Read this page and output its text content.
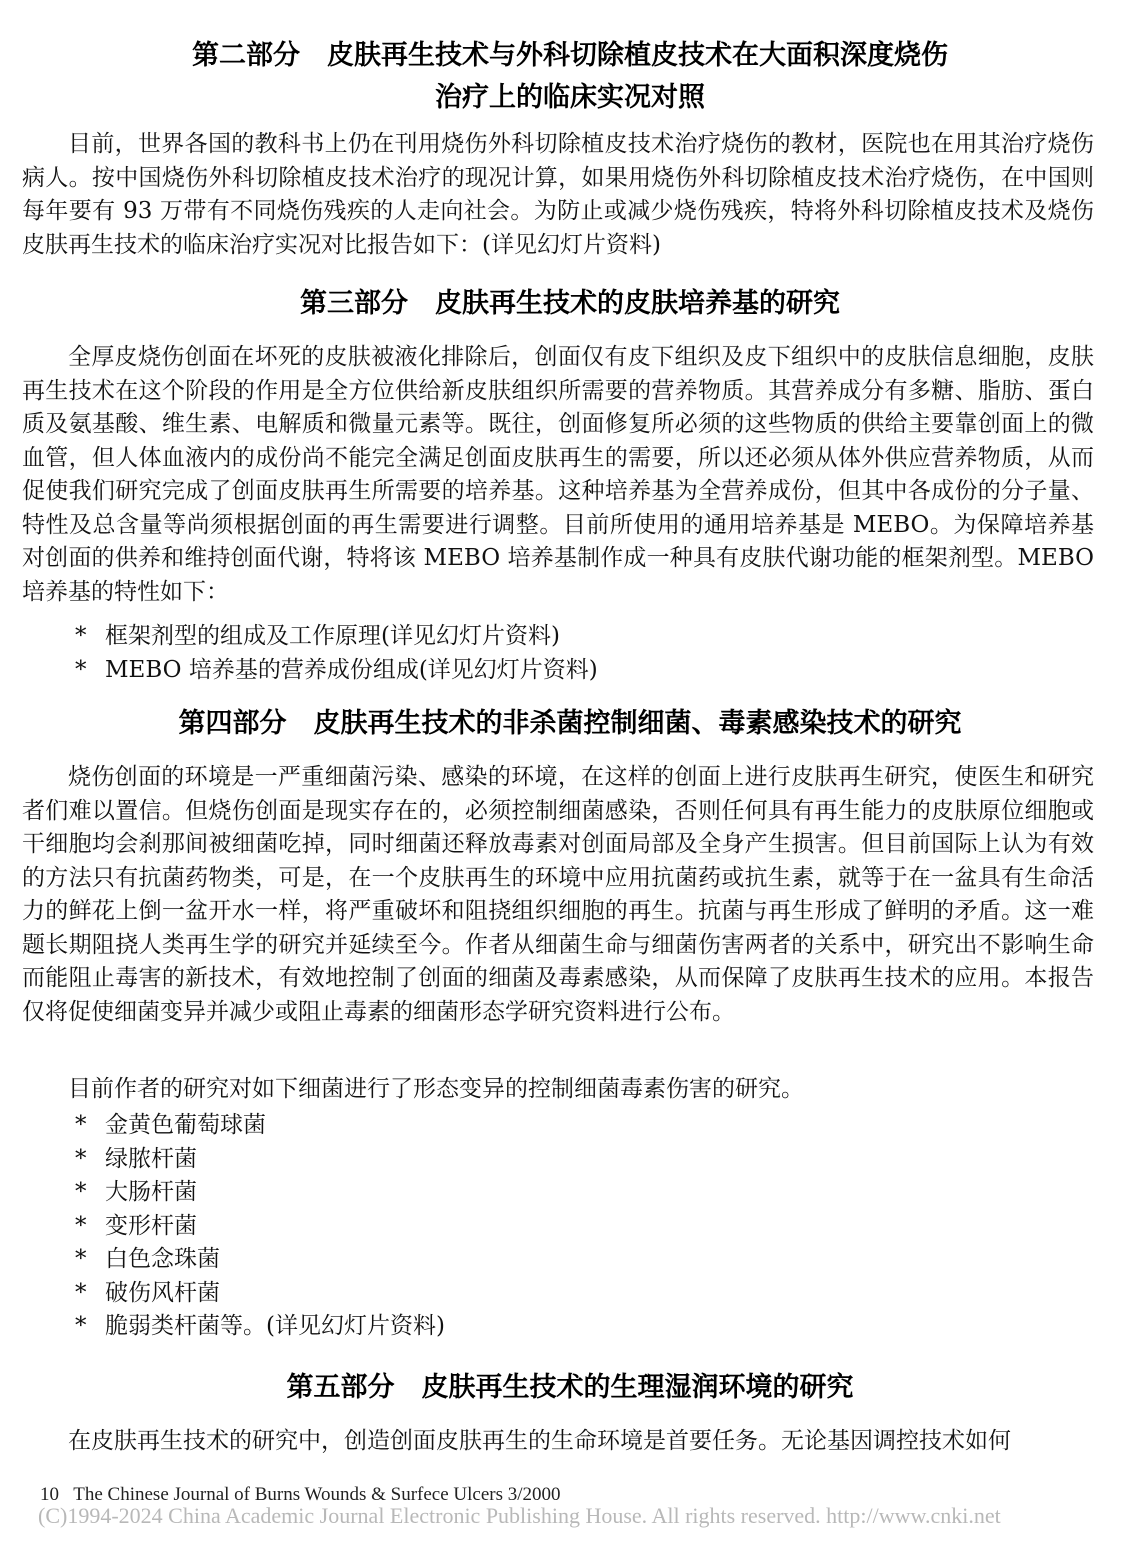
第二部分　皮肤再生技术与外科切除植皮技术在大面积深度烧伤
治疗上的临床实况对照

目前，世界各国的教科书上仍在刊用烧伤外科切除植皮技术治疗烧伤的教材，医院也在用其治疗烧伤病人。按中国烧伤外科切除植皮技术治疗的现况计算，如果用烧伤外科切除植皮技术治疗烧伤，在中国则每年要有 93 万带有不同烧伤残疾的人走向社会。为防止或减少烧伤残疾，特将外科切除植皮技术及烧伤皮肤再生技术的临床治疗实况对比报告如下：(详见幻灯片资料)

第三部分　皮肤再生技术的皮肤培养基的研究

全厚皮烧伤创面在坏死的皮肤被液化排除后，创面仅有皮下组织及皮下组织中的皮肤信息细胞，皮肤再生技术在这个阶段的作用是全方位供给新皮肤组织所需要的营养物质。其营养成分有多糖、脂肪、蛋白质及氨基酸、维生素、电解质和微量元素等。既往，创面修复所必须的这些物质的供给主要靠创面上的微血管，但人体血液内的成份尚不能完全满足创面皮肤再生的需要，所以还必须从体外供应营养物质，从而促使我们研究完成了创面皮肤再生所需要的培养基。这种培养基为全营养成份，但其中各成份的分子量、特性及总含量等尚须根据创面的再生需要进行调整。目前所使用的通用培养基是 MEBO。为保障培养基对创面的供养和维持创面代谢，特将该 MEBO 培养基制作成一种具有皮肤代谢功能的框架剂型。MEBO 培养基的特性如下：

* 框架剂型的组成及工作原理(详见幻灯片资料)
* MEBO 培养基的营养成份组成(详见幻灯片资料)
第四部分　皮肤再生技术的非杀菌控制细菌、毒素感染技术的研究

烧伤创面的环境是一严重细菌污染、感染的环境，在这样的创面上进行皮肤再生研究，使医生和研究者们难以置信。但烧伤创面是现实存在的，必须控制细菌感染，否则任何具有再生能力的皮肤原位细胞或干细胞均会刹那间被细菌吃掉，同时细菌还释放毒素对创面局部及全身产生损害。但目前国际上认为有效的方法只有抗菌药物类，可是，在一个皮肤再生的环境中应用抗菌药或抗生素，就等于在一盆具有生命活力的鲜花上倒一盆开水一样，将严重破坏和阻挠组织细胞的再生。抗菌与再生形成了鲜明的矛盾。这一难题长期阻挠人类再生学的研究并延续至今。作者从细菌生命与细菌伤害两者的关系中，研究出不影响生命而能阻止毒害的新技术，有效地控制了创面的细菌及毒素感染，从而保障了皮肤再生技术的应用。本报告仅将促使细菌变异并减少或阻止毒素的细菌形态学研究资料进行公布。

目前作者的研究对如下细菌进行了形态变异的控制细菌毒素伤害的研究。

* 金黄色葡萄球菌
* 绿脓杆菌
* 大肠杆菌
* 变形杆菌
* 白色念珠菌
* 破伤风杆菌
* 脆弱类杆菌等。(详见幻灯片资料)
第五部分　皮肤再生技术的生理湿润环境的研究

在皮肤再生技术的研究中，创造创面皮肤再生的生命环境是首要任务。无论基因调控技术如何

10 The Chinese Journal of Burns Wounds & Surfece Ulcers 3/2000
(C)1994-2024 China Academic Journal Electronic Publishing House. All rights reserved. http://www.cnki.net
